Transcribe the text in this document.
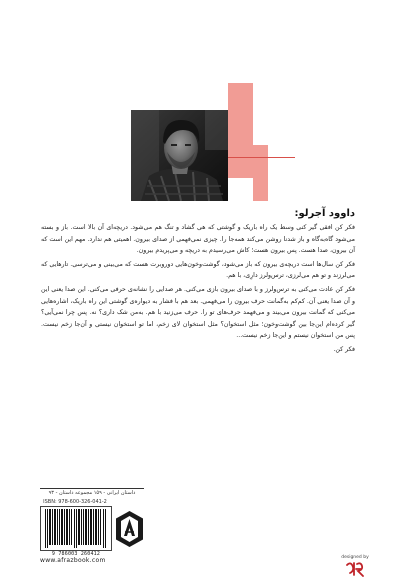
داوود آجرلو:

فکر کن افقی گیر کنی وسط یک راه باریک و گوشتی که هی گشاد و تنگ هم می‌شود. دریچه‌ای آن بالا است. باز و بسته می‌شود گاه‌به‌گاه و باز شدنا روشن می‌کند همه‌جا را. چیزی نمی‌فهمی از صدای بیرون. اهمیتی هم ندارد. مهم این است که آن بیرون، صدا هست. پس بیرون هست؛ کاش می‌رسیدم به دریچه و می‌پریدم بیرون.

فکر کن سال‌ها است دریچه‌ی بیرون که باز می‌شود، گوشت‌وخون‌هایی دوروبرت هست که می‌بینی و می‌ترسی. تارهایی که می‌لرزند و تو هم می‌لرزی، ترس‌ولرز دارِی، با هم.

فکر کن عادت می‌کنی به ترس‌ولرز و با صدای بیرون بازی می‌کنی. هر صدایی را نشانه‌ی حرفی می‌کنی. این صدا یعنی این و آن صدا یعنی آن. کم‌کم به‌گمانت حرف بیرون را می‌فهمی. بعد هم با فشار به دیواره‌ی گوشتی این راه باریک، اشاره‌هایی می‌کنی که گمانت بیرون می‌بیند و می‌فهمد حرف‌های تو را. حرف می‌زنید با هم. به‌من شک داری؟ نه. پس چرا نمی‌آیی؟ گیر کرده‌ام این‌جا بین گوشت‌وخون؛ مثل استخوان؟ مثل استخوان لای زخم، اما تو استخوان نیستی و آن‌جا زخم نیست. پس من استخوان نیستم و این‌جا زخم نیست...

فکر کن.

داستان ایرانی - ۱۵۹ مجموعه داستان - ۹۳
ISBN: 978-600-326-041-2
9 786003 260412
www.afrazbook.com	designed by
